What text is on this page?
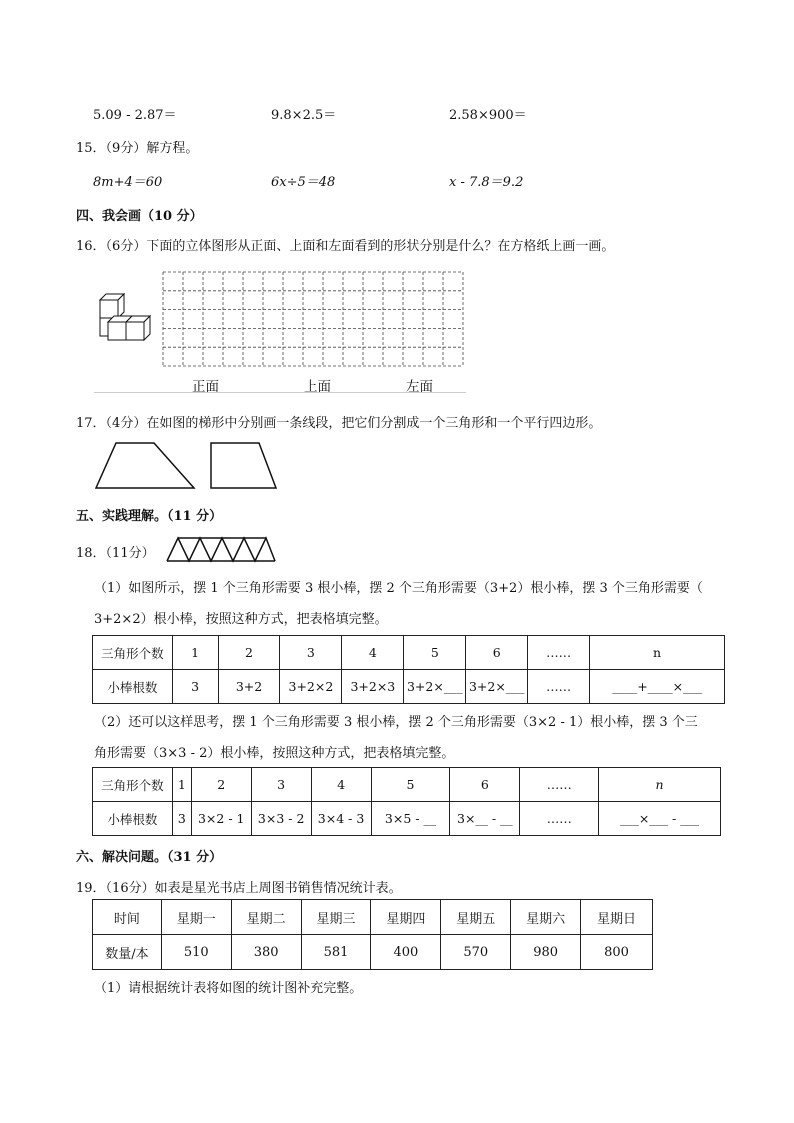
5.09 - 2.87＝	9.8×2.5＝	2.58×900＝
15．（9分）解方程。
8m+4＝60	6x÷5＝48	x - 7.8＝9.2
四、我会画（10 分）
16．（6分）下面的立体图形从正面、上面和左面看到的形状分别是什么？在方格纸上画一画。
正面	上面	左面
17．（4分）在如图的梯形中分别画一条线段，把它们分割成一个三角形和一个平行四边形。
五、实践理解。（11 分）
18．（11分）
（1）如图所示，摆 1 个三角形需要 3 根小棒，摆 2 个三角形需要（3+2）根小棒，摆 3 个三角形需要（
3+2×2）根小棒，按照这种方式，把表格填完整。
三角形个数	1	2	3	4	5	6	……	n
小棒根数	3	3+2	3+2×2	3+2×3	3+2×___	3+2×___	……	____+____×___
（2）还可以这样思考，摆 1 个三角形需要 3 根小棒，摆 2 个三角形需要（3×2 - 1）根小棒，摆 3 个三
角形需要（3×3 - 2）根小棒，按照这种方式，把表格填完整。
三角形个数	1	2	3	4	5	6	……	n
小棒根数	3	3×2 - 1	3×3 - 2	3×4 - 3	3×5 - __	3×__ - __	……	___×___ - ___
六、解决问题。（31 分）
19．（16分）如表是星光书店上周图书销售情况统计表。
时间	星期一	星期二	星期三	星期四	星期五	星期六	星期日
数量/本	510	380	581	400	570	980	800
（1）请根据统计表将如图的统计图补充完整。
